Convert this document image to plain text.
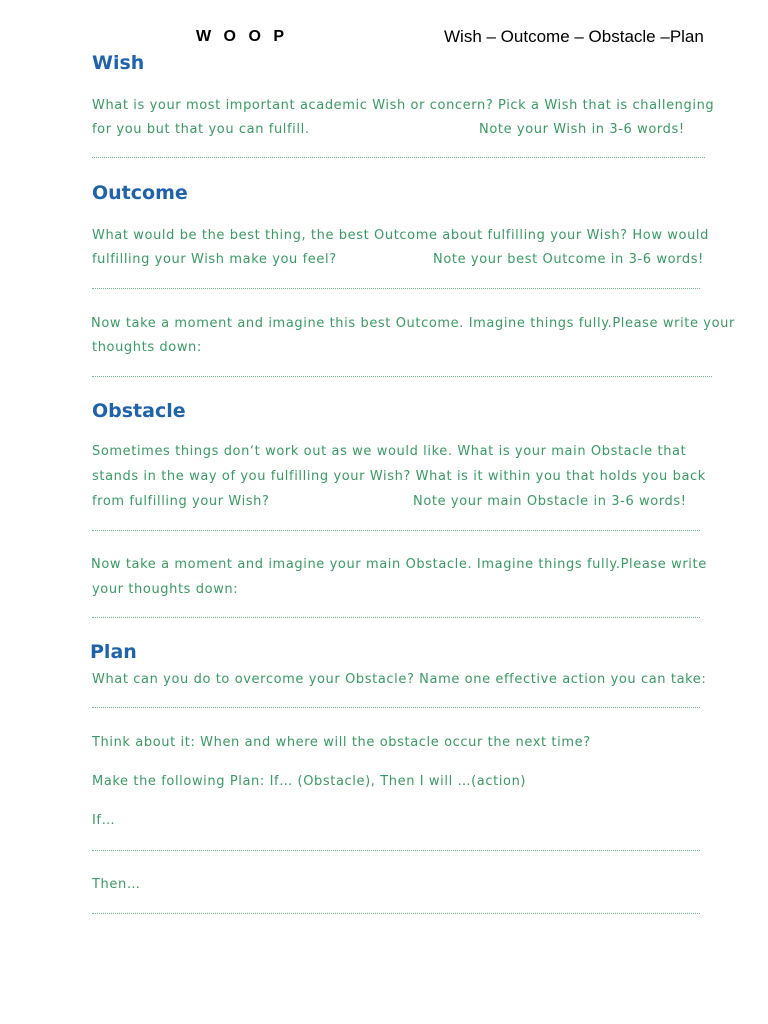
W O O P	Wish – Outcome – Obstacle –Plan
Wish
What is your most important academic Wish or concern? Pick a Wish that is challenging
for you but that you can fulfill.	Note your Wish in 3-6 words!
Outcome
What would be the best thing, the best Outcome about fulfilling your Wish? How would
fulfilling your Wish make you feel?	Note your best Outcome in 3-6 words!
Now take a moment and imagine this best Outcome. Imagine things fully.Please write your
thoughts down:
Obstacle
Sometimes things don‘t work out as we would like. What is your main Obstacle that
stands in the way of you fulfilling your Wish? What is it within you that holds you back
from fulfilling your Wish?	Note your main Obstacle in 3-6 words!
Now take a moment and imagine your main Obstacle. Imagine things fully.Please write
your thoughts down:
Plan
What can you do to overcome your Obstacle? Name one effective action you can take:
Think about it: When and where will the obstacle occur the next time?
Make the following Plan: If… (Obstacle), Then I will …(action)
If…
Then…
